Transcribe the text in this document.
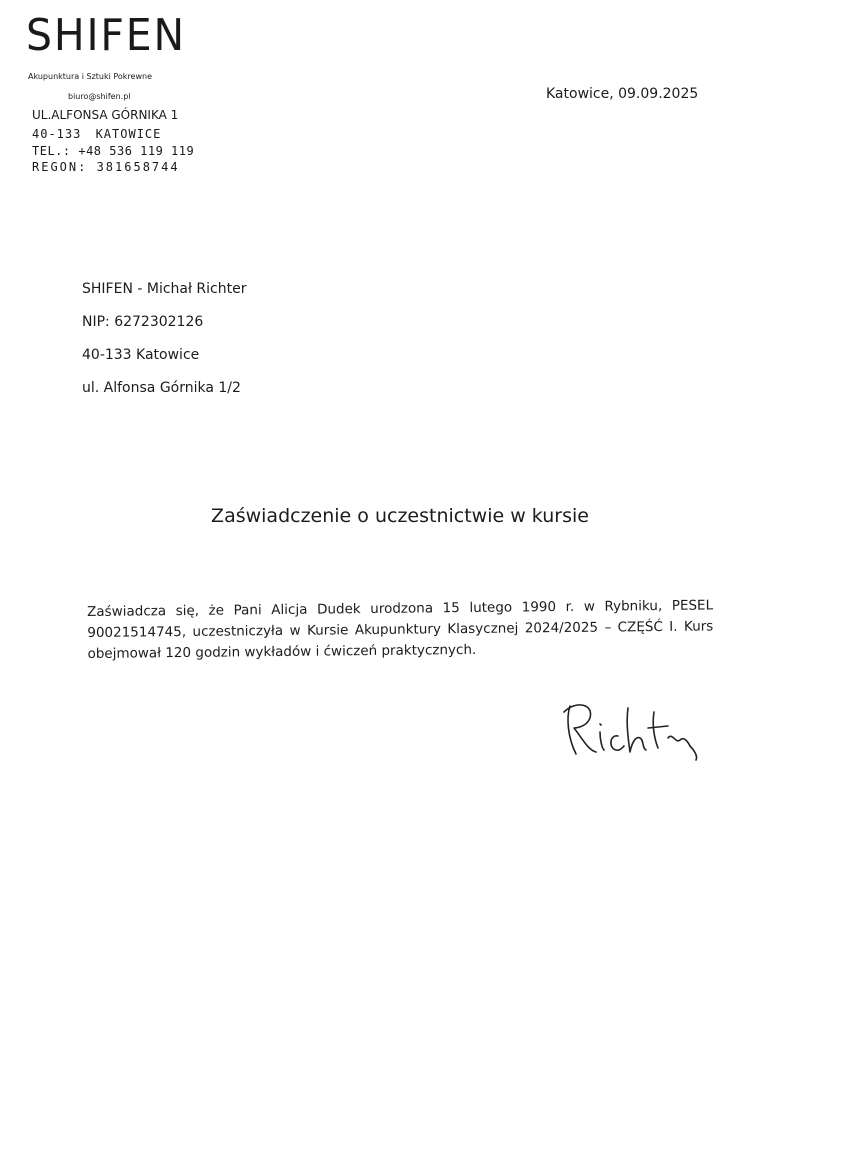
SHIFEN
Akupunktura i Sztuki Pokrewne
biuro@shifen.pl
UL.ALFONSA GÓRNIKA 1
40-133 KATOWICE
TEL.: +48 536 119 119
REGON: 381658744
Katowice, 09.09.2025
SHIFEN - Michał Richter
NIP: 6272302126
40-133 Katowice
ul. Alfonsa Górnika 1/2
Zaświadczenie o uczestnictwie w kursie
Zaświadcza się, że Pani Alicja Dudek urodzona 15 lutego 1990 r. w Rybniku, PESEL
90021514745, uczestniczyła w Kursie Akupunktury Klasycznej 2024/2025 – CZĘŚĆ I. Kurs
obejmował 120 godzin wykładów i ćwiczeń praktycznych.
